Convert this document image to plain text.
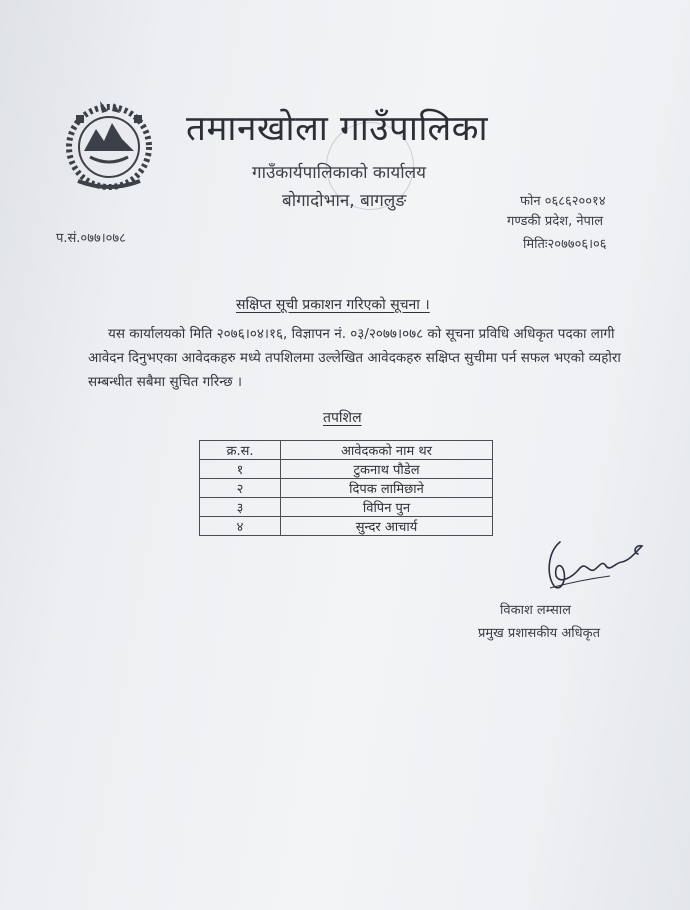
तमानखोला गाउँपालिका
गाउँकार्यपालिकाको कार्यालय
बोगादोभान, बागलुङ	फोन ०६८६२००१४
गण्डकी प्रदेश, नेपाल
मितिः२०७७०६।०६
प.सं.०७७।०७८
सक्षिप्त सूची प्रकाशन गरिएको सूचना ।
यस कार्यालयको मिति २०७६।०४।१६, विज्ञापन नं. ०३/२०७७।०७८ को सूचना प्रविधि अधिकृत पदका लागी आवेदन दिनुभएका आवेदकहरु मध्ये तपशिलमा उल्लेखित आवेदकहरु सक्षिप्त सुचीमा पर्न सफल भएको व्यहोरा सम्बन्धीत सबैमा सुचित गरिन्छ ।
तपशिल
क्र.स.	आवेदकको नाम थर
१	टुकनाथ पौडेल
२	दिपक लामिछाने
३	विपिन पुन
४	सुन्दर आचार्य
विकाश लम्साल
प्रमुख प्रशासकीय अधिकृत
